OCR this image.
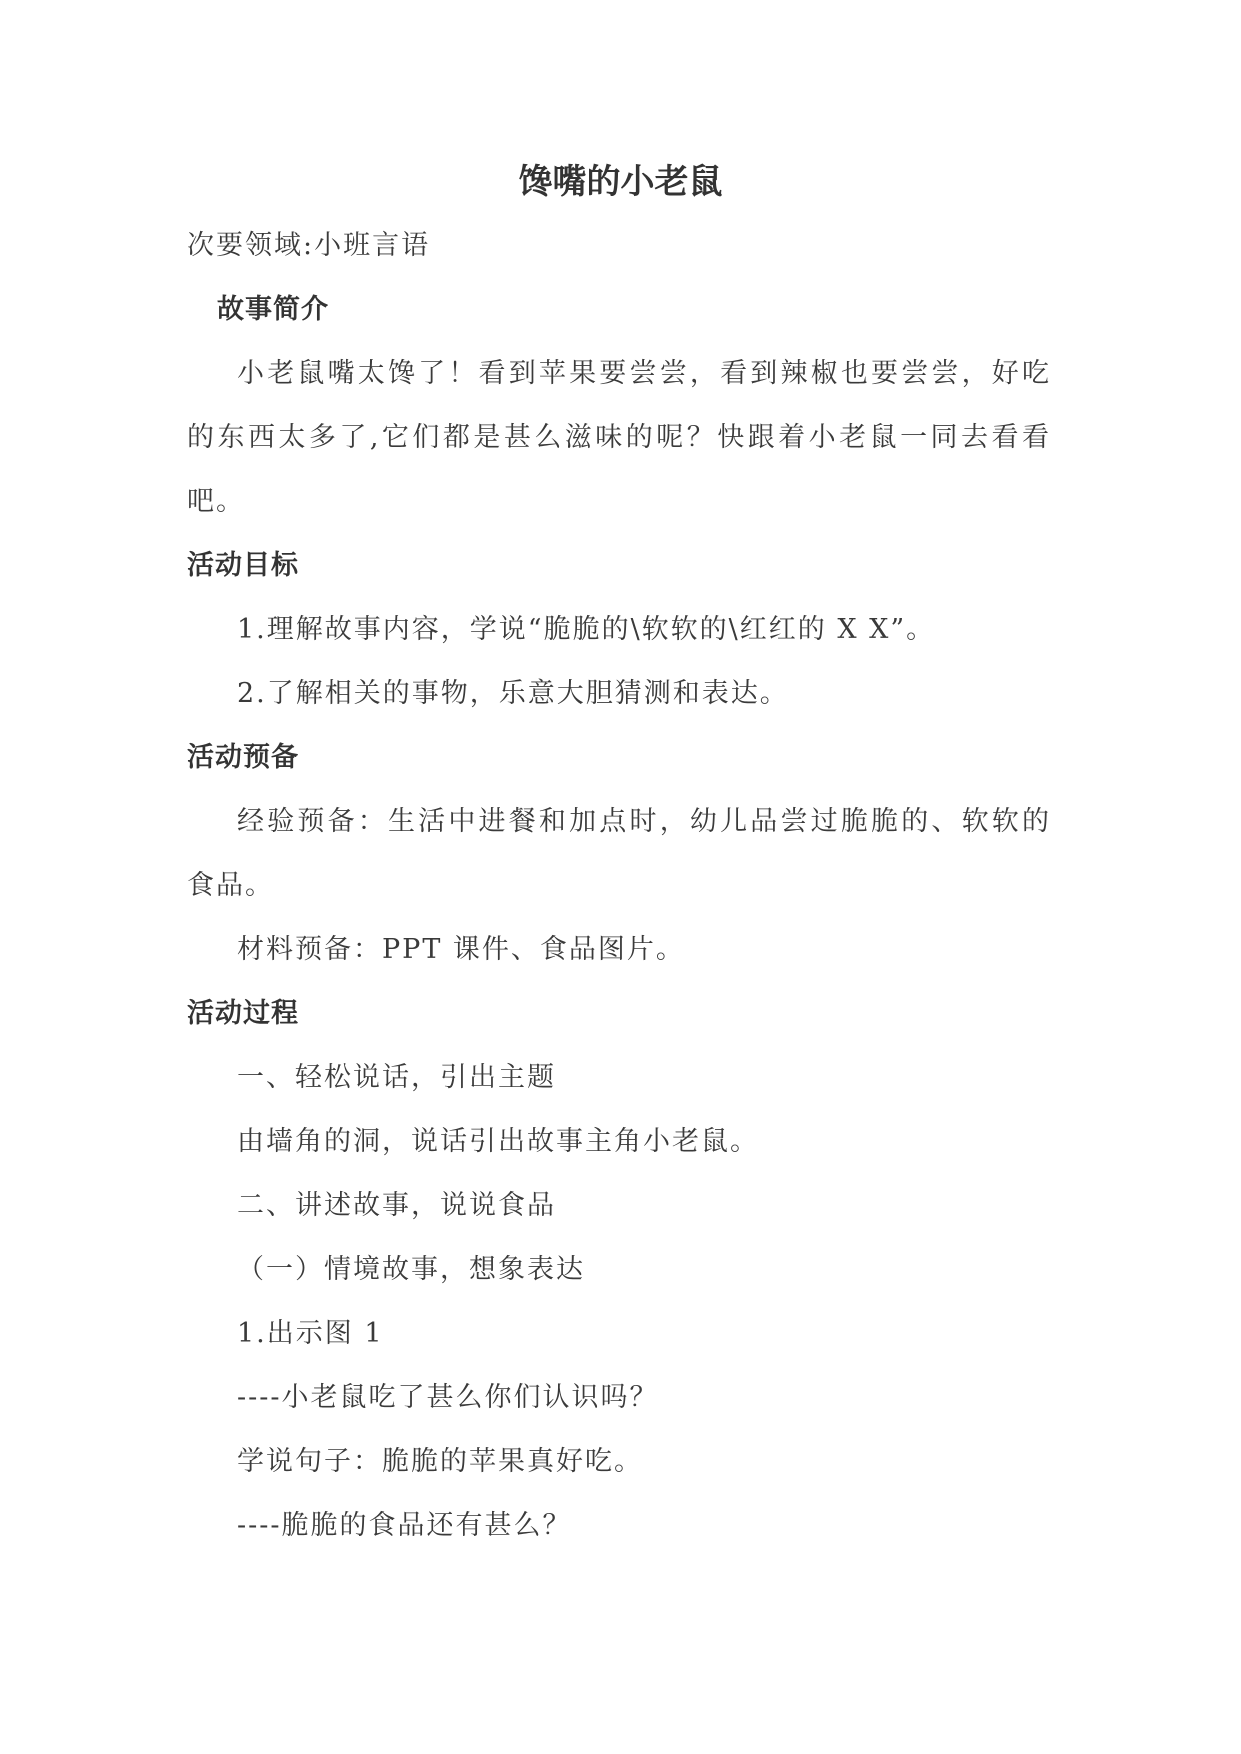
馋嘴的小老鼠
次要领域:小班言语
故事简介
小老鼠嘴太馋了！看到苹果要尝尝，看到辣椒也要尝尝，好吃
的东西太多了,它们都是甚么滋味的呢？快跟着小老鼠一同去看看
吧。
活动目标
1.理解故事内容，学说“脆脆的\软软的\红红的 X X”。
2.了解相关的事物，乐意大胆猜测和表达。
活动预备
经验预备：生活中进餐和加点时，幼儿品尝过脆脆的、软软的
食品。
材料预备：PPT 课件、食品图片。
活动过程
一、轻松说话，引出主题
由墙角的洞，说话引出故事主角小老鼠。
二、讲述故事，说说食品
（一）情境故事，想象表达
1.出示图 1
----小老鼠吃了甚么你们认识吗？
学说句子：脆脆的苹果真好吃。
----脆脆的食品还有甚么？
